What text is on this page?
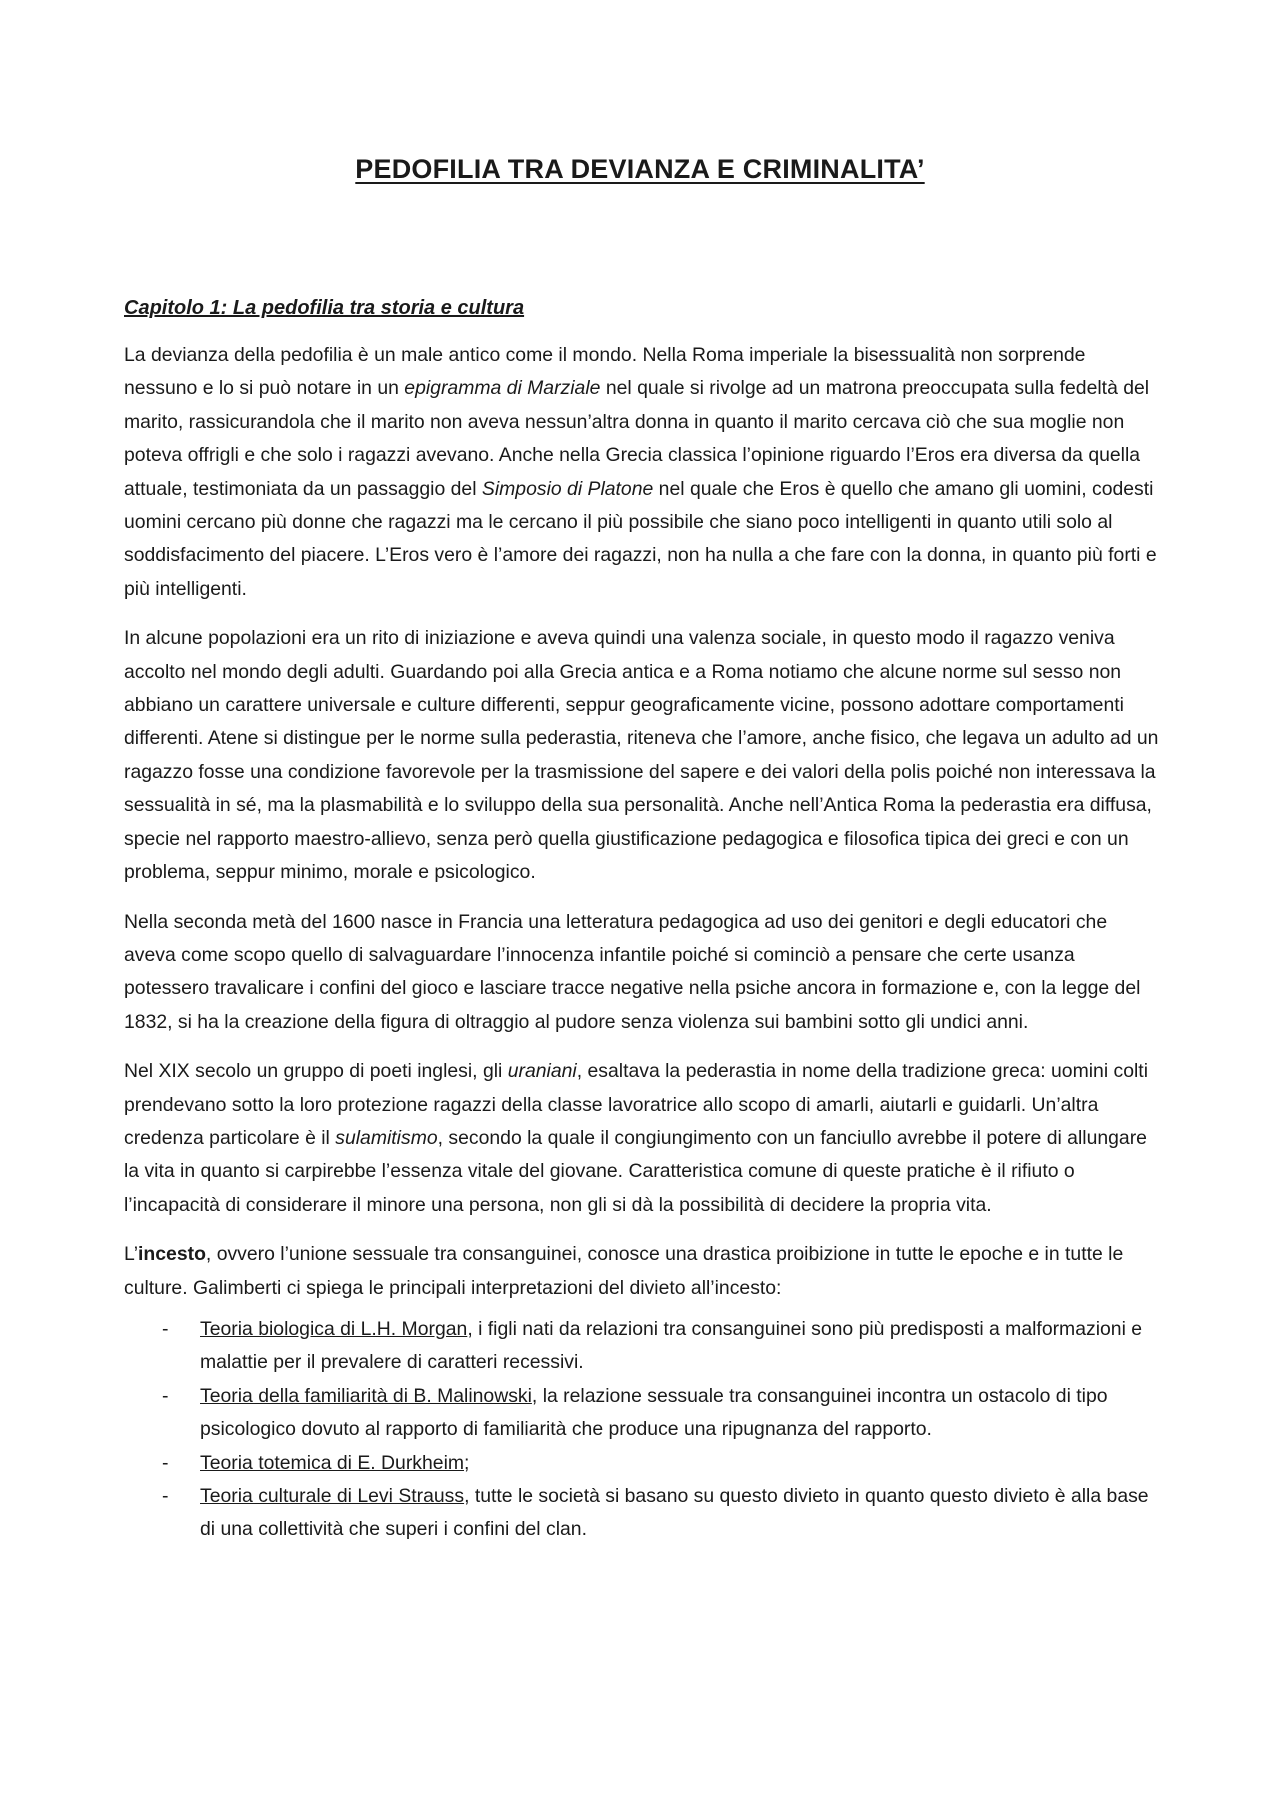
PEDOFILIA TRA DEVIANZA E CRIMINALITA’
Capitolo 1: La pedofilia tra storia e cultura

La devianza della pedofilia è un male antico come il mondo. Nella Roma imperiale la bisessualità non sorprende nessuno e lo si può notare in un epigramma di Marziale nel quale si rivolge ad un matrona preoccupata sulla fedeltà del marito, rassicurandola che il marito non aveva nessun’altra donna in quanto il marito cercava ciò che sua moglie non poteva offrigli e che solo i ragazzi avevano. Anche nella Grecia classica l’opinione riguardo l’Eros era diversa da quella attuale, testimoniata da un passaggio del Simposio di Platone nel quale che Eros è quello che amano gli uomini, codesti uomini cercano più donne che ragazzi ma le cercano il più possibile che siano poco intelligenti in quanto utili solo al soddisfacimento del piacere. L’Eros vero è l’amore dei ragazzi, non ha nulla a che fare con la donna, in quanto più forti e più intelligenti.

In alcune popolazioni era un rito di iniziazione e aveva quindi una valenza sociale, in questo modo il ragazzo veniva accolto nel mondo degli adulti. Guardando poi alla Grecia antica e a Roma notiamo che alcune norme sul sesso non abbiano un carattere universale e culture differenti, seppur geograficamente vicine, possono adottare comportamenti differenti. Atene si distingue per le norme sulla pederastia, riteneva che l’amore, anche fisico, che legava un adulto ad un ragazzo fosse una condizione favorevole per la trasmissione del sapere e dei valori della polis poiché non interessava la sessualità in sé, ma la plasmabilità e lo sviluppo della sua personalità. Anche nell’Antica Roma la pederastia era diffusa, specie nel rapporto maestro-allievo, senza però quella giustificazione pedagogica e filosofica tipica dei greci e con un problema, seppur minimo, morale e psicologico.

Nella seconda metà del 1600 nasce in Francia una letteratura pedagogica ad uso dei genitori e degli educatori che aveva come scopo quello di salvaguardare l’innocenza infantile poiché si cominciò a pensare che certe usanza potessero travalicare i confini del gioco e lasciare tracce negative nella psiche ancora in formazione e, con la legge del 1832, si ha la creazione della figura di oltraggio al pudore senza violenza sui bambini sotto gli undici anni.

Nel XIX secolo un gruppo di poeti inglesi, gli uraniani, esaltava la pederastia in nome della tradizione greca: uomini colti prendevano sotto la loro protezione ragazzi della classe lavoratrice allo scopo di amarli, aiutarli e guidarli. Un’altra credenza particolare è il sulamitismo, secondo la quale il congiungimento con un fanciullo avrebbe il potere di allungare la vita in quanto si carpirebbe l’essenza vitale del giovane. Caratteristica comune di queste pratiche è il rifiuto o l’incapacità di considerare il minore una persona, non gli si dà la possibilità di decidere la propria vita.

L’incesto, ovvero l’unione sessuale tra consanguinei, conosce una drastica proibizione in tutte le epoche e in tutte le culture. Galimberti ci spiega le principali interpretazioni del divieto all’incesto:

- Teoria biologica di L.H. Morgan, i figli nati da relazioni tra consanguinei sono più predisposti a malformazioni e malattie per il prevalere di caratteri recessivi.
- Teoria della familiarità di B. Malinowski, la relazione sessuale tra consanguinei incontra un ostacolo di tipo psicologico dovuto al rapporto di familiarità che produce una ripugnanza del rapporto.
- Teoria totemica di E. Durkheim;
- Teoria culturale di Levi Strauss, tutte le società si basano su questo divieto in quanto questo divieto è alla base di una collettività che superi i confini del clan.
